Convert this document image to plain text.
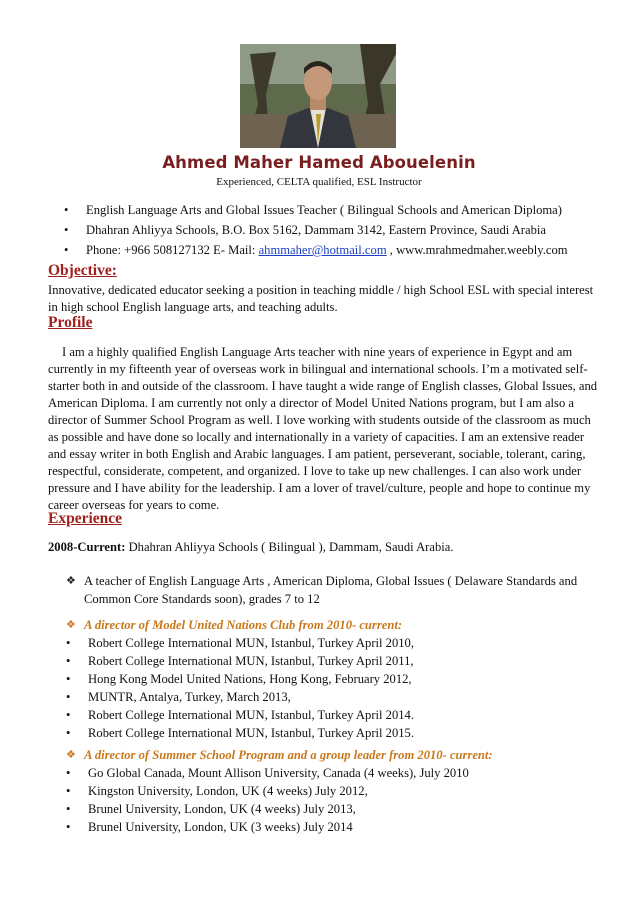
Ahmed Maher Hamed Abouelenin
Experienced, CELTA qualified, ESL Instructor
• English Language Arts and Global Issues Teacher ( Bilingual Schools and American Diploma)
• Dhahran Ahliyya Schools, B.O. Box 5162, Dammam 3142, Eastern Province, Saudi Arabia
• Phone: +966 508127132 E- Mail: ahmmaher@hotmail.com , www.mrahmedmaher.weebly.com
Objective:
Innovative, dedicated educator seeking a position in teaching middle / high School ESL with special interest in high school English language arts, and teaching adults.
Profile
I am a highly qualified English Language Arts teacher with nine years of experience in Egypt and am currently in my fifteenth year of overseas work in bilingual and international schools. I’m a motivated self-starter both in and outside of the classroom. I have taught a wide range of English classes, Global Issues, and American Diploma. I am currently not only a director of Model United Nations program, but I am also a director of Summer School Program as well. I love working with students outside of the classroom as much as possible and have done so locally and internationally in a variety of capacities. I am an extensive reader and essay writer in both English and Arabic languages. I am patient, perseverant, sociable, tolerant, caring, respectful, considerate, competent, and organized. I love to take up new challenges. I can also work under pressure and I have ability for the leadership. I am a lover of travel/culture, people and hope to continue my career overseas for years to come.
Experience
2008-Current: Dhahran Ahliyya Schools ( Bilingual ), Dammam, Saudi Arabia.
❖ A teacher of English Language Arts , American Diploma, Global Issues ( Delaware Standards and Common Core Standards soon), grades 7 to 12
❖ A director of Model United Nations Club from 2010- current:
• Robert College International MUN, Istanbul, Turkey April 2010,
• Robert College International MUN, Istanbul, Turkey April 2011,
• Hong Kong Model United Nations, Hong Kong, February 2012,
• MUNTR, Antalya, Turkey, March 2013,
• Robert College International MUN, Istanbul, Turkey April 2014.
• Robert College International MUN, Istanbul, Turkey April 2015.
❖ A director of Summer School Program and a group leader from 2010- current:
• Go Global Canada, Mount Allison University, Canada (4 weeks), July 2010
• Kingston University, London, UK (4 weeks) July 2012,
• Brunel University, London, UK (4 weeks) July 2013,
• Brunel University, London, UK (3 weeks) July 2014
